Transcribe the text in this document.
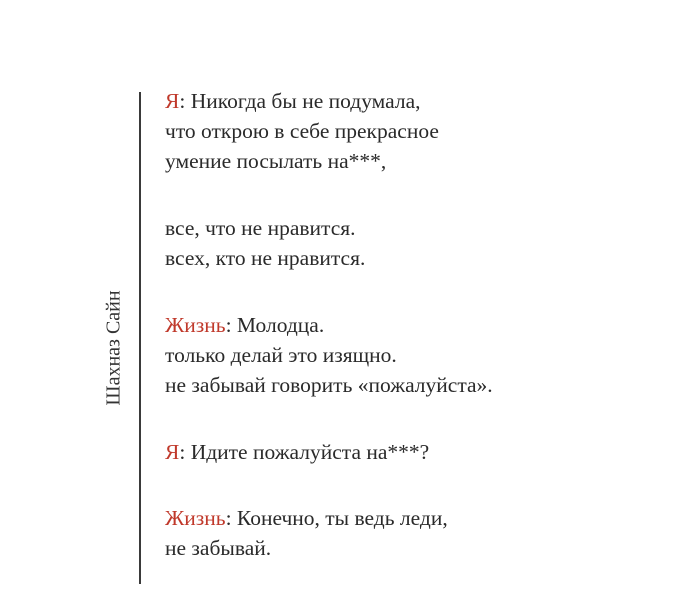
Шахназ Сайн
Я: Никогда бы не подумала,
что открою в себе прекрасное
умение посылать на***,
все, что не нравится.
всех, кто не нравится.
Жизнь: Молодца.
только делай это изящно.
не забывай говорить «пожалуйста».
Я: Идите пожалуйста на***?
Жизнь: Конечно, ты ведь леди,
не забывай.
